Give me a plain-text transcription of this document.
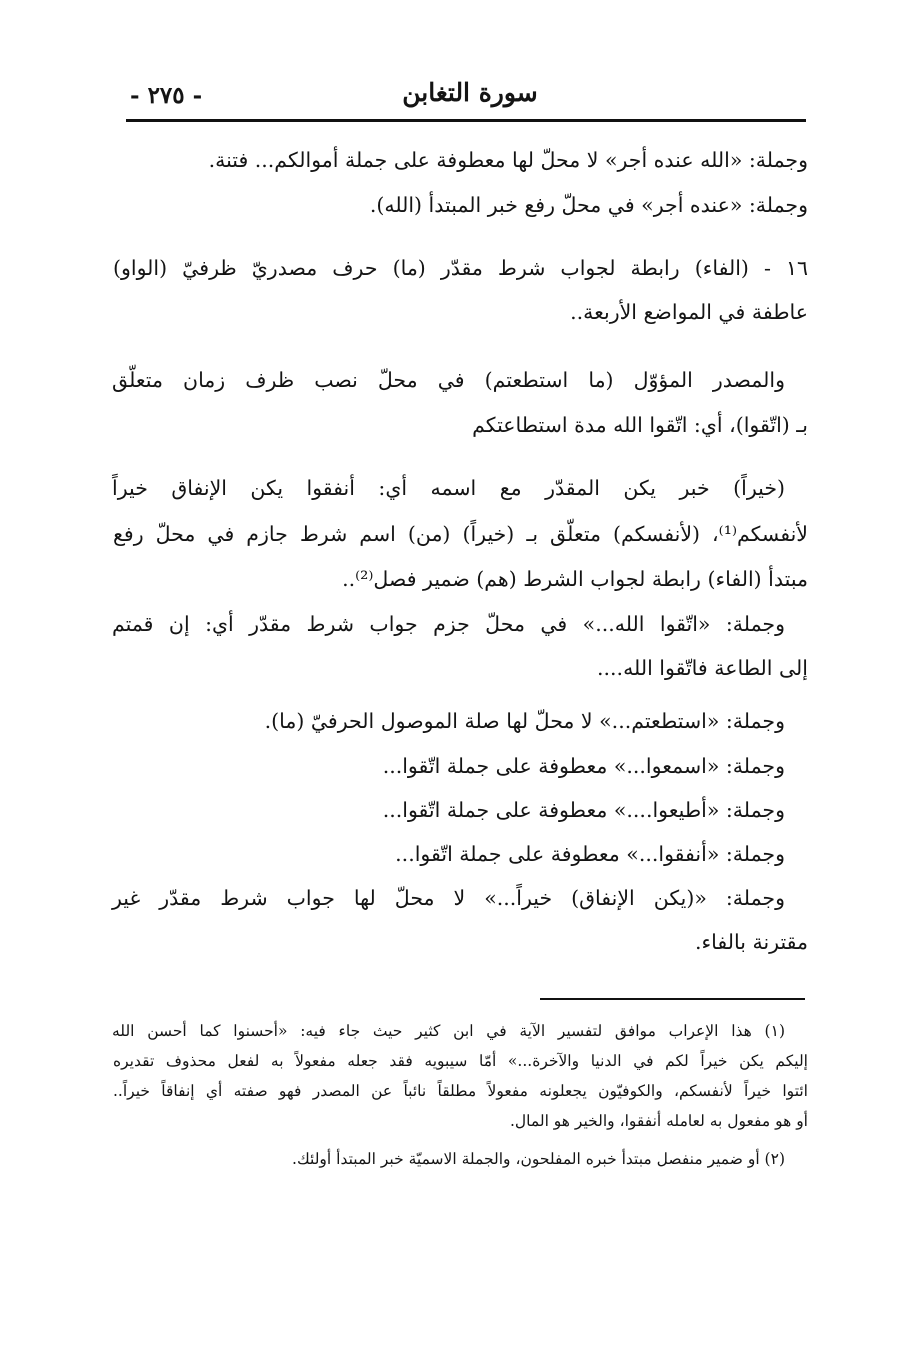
سورة التغابن
- ٢٧٥ -
وجملة: «الله عنده أجر» لا محلّ لها معطوفة على جملة أموالكم... فتنة.
وجملة: «عنده أجر» في محلّ رفع خبر المبتدأ (الله).
١٦ - (الفاء) رابطة لجواب شرط مقدّر (ما) حرف مصدريّ ظرفيّ (الواو)
عاطفة في المواضع الأربعة..
والمصدر المؤوّل (ما استطعتم) في محلّ نصب ظرف زمان متعلّق
بـ (اتّقوا)، أي: اتّقوا الله مدة استطاعتكم
(خيراً) خبر يكن المقدّر مع اسمه أي: أنفقوا يكن الإنفاق خيراً
لأنفسكم⁽¹⁾، (لأنفسكم) متعلّق بـ (خيراً) (من) اسم شرط جازم في محلّ رفع
مبتدأ (الفاء) رابطة لجواب الشرط (هم) ضمير فصل⁽²⁾..
وجملة: «اتّقوا الله...» في محلّ جزم جواب شرط مقدّر أي: إن قمتم
إلى الطاعة فاتّقوا الله....
وجملة: «استطعتم...» لا محلّ لها صلة الموصول الحرفيّ (ما).
وجملة: «اسمعوا...» معطوفة على جملة اتّقوا...
وجملة: «أطيعوا....» معطوفة على جملة اتّقوا...
وجملة: «أنفقوا...» معطوفة على جملة اتّقوا...
وجملة: «(يكن الإنفاق) خيراً...» لا محلّ لها جواب شرط مقدّر غير
مقترنة بالفاء.
(١) هذا الإعراب موافق لتفسير الآية في ابن كثير حيث جاء فيه: «أحسنوا كما أحسن الله
إليكم يكن خيراً لكم في الدنيا والآخرة...» أمّا سيبويه فقد جعله مفعولاً به لفعل محذوف تقديره
ائتوا خيراً لأنفسكم، والكوفيّون يجعلونه مفعولاً مطلقاً نائباً عن المصدر فهو صفته أي إنفاقاً خيراً..
أو هو مفعول به لعامله أنفقوا، والخير هو المال.
(٢) أو ضمير منفصل مبتدأ خبره المفلحون، والجملة الاسميّة خبر المبتدأ أولئك.
